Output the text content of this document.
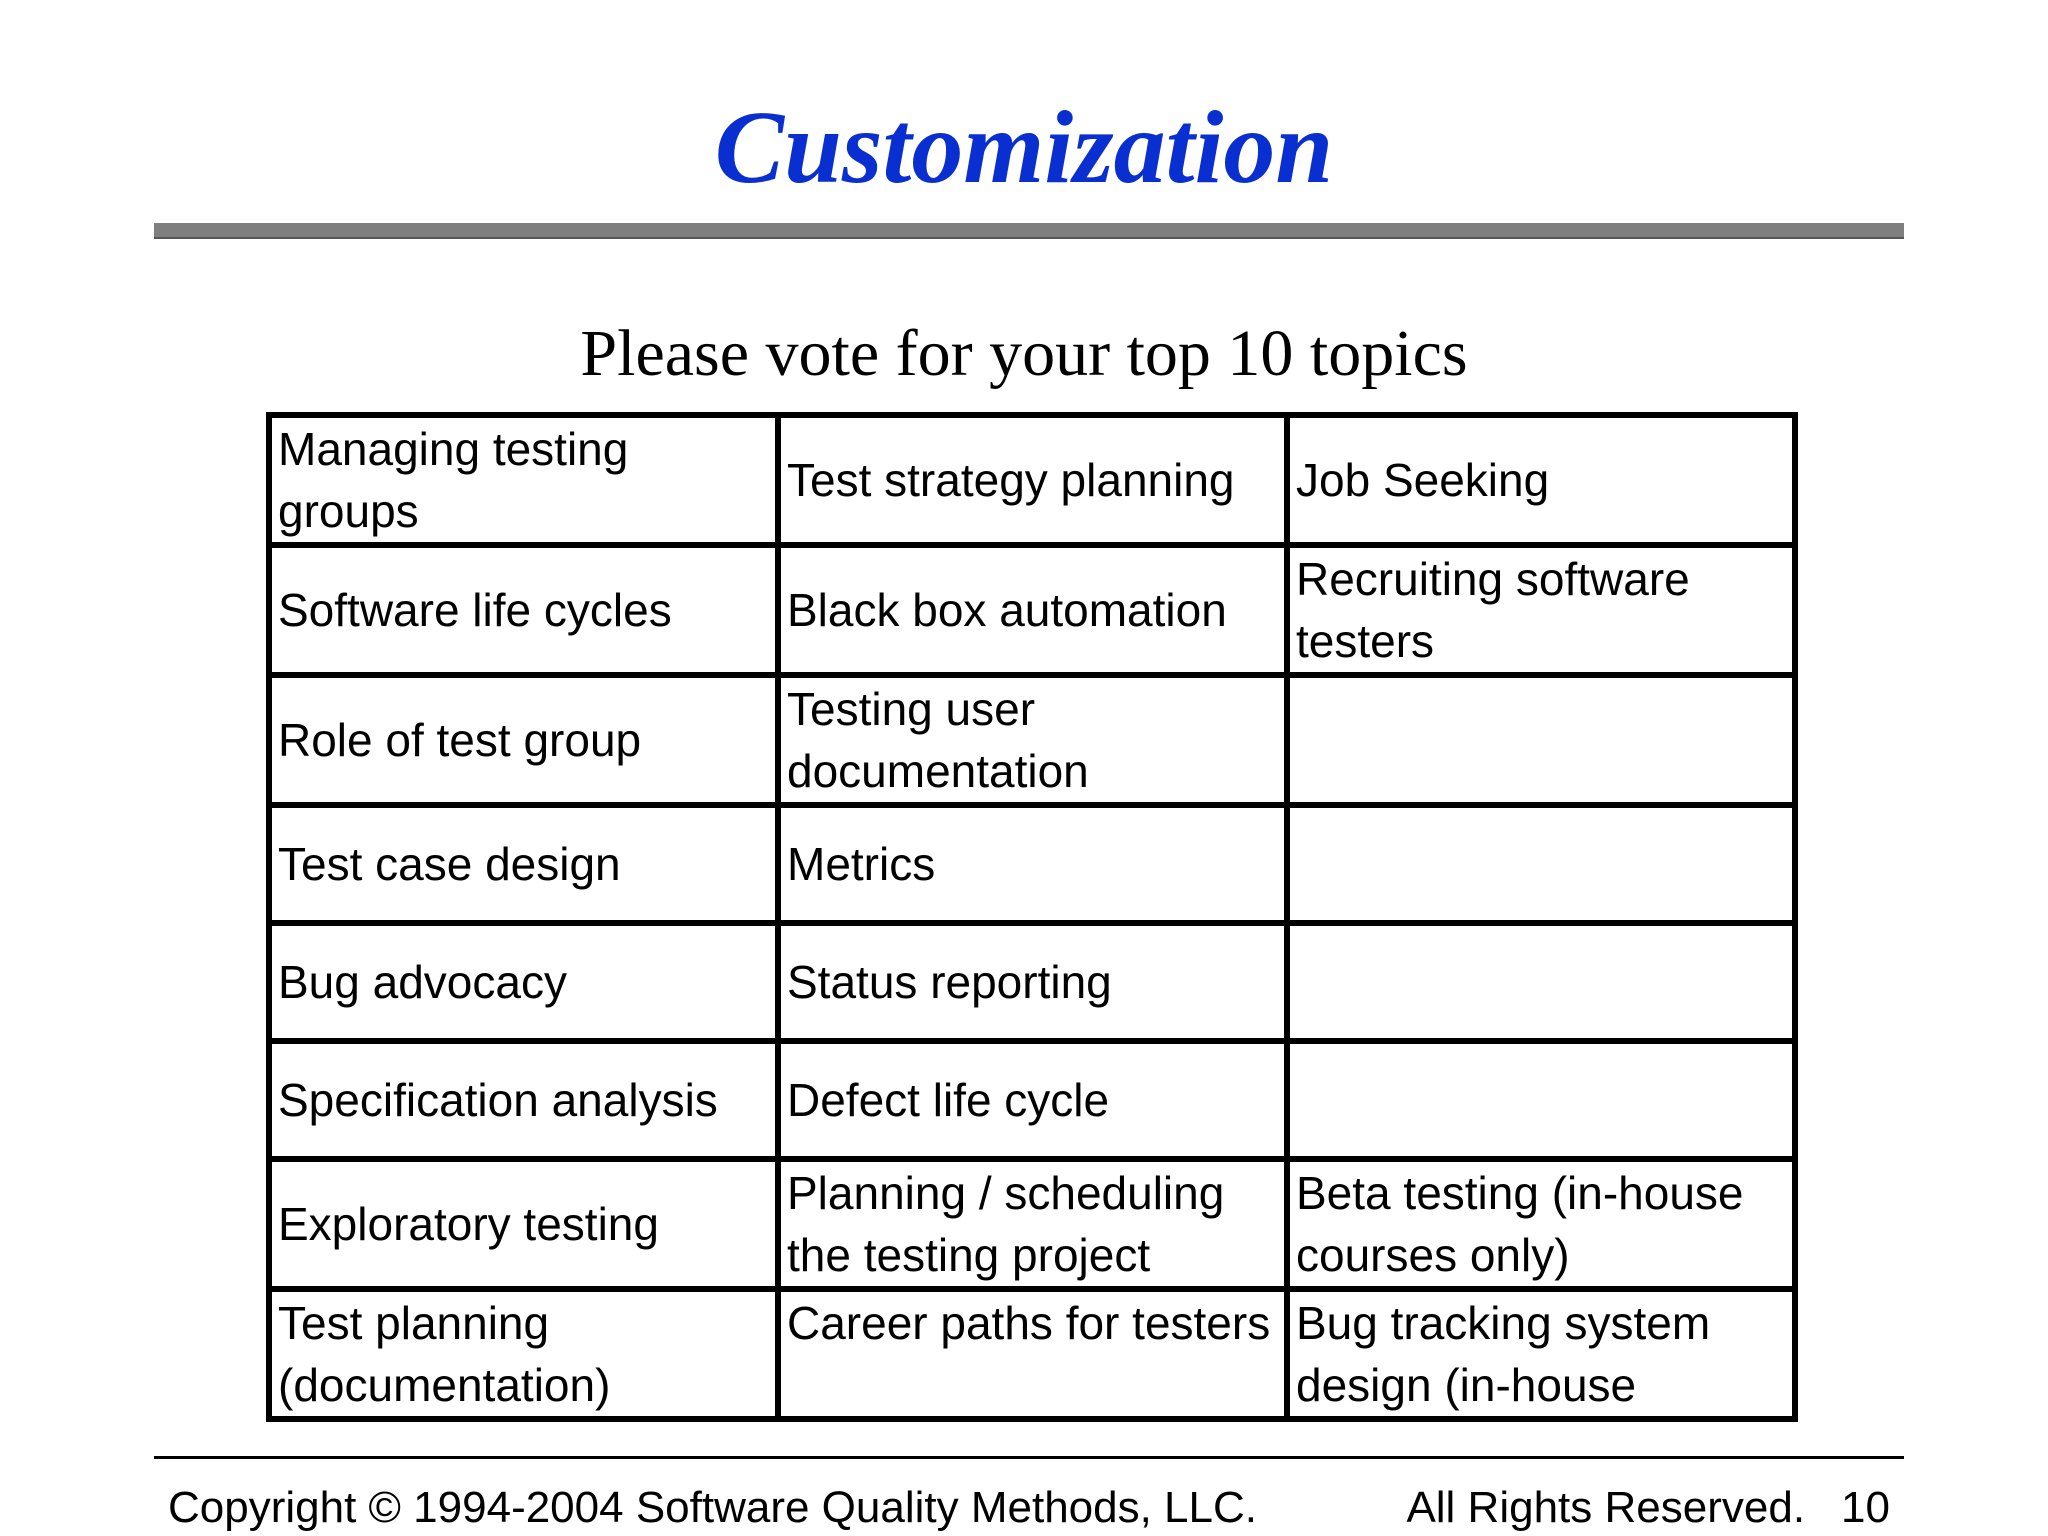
Customization
Please vote for your top 10 topics
Managing testing groups	Test strategy planning	Job Seeking
Software life cycles	Black box automation	Recruiting software testers
Role of test group	Testing user documentation	
Test case design	Metrics	
Bug advocacy	Status reporting	
Specification analysis	Defect life cycle	
Exploratory testing	Planning / scheduling the testing project	Beta testing (in-house courses only)
Test planning (documentation)	Career paths for testers	Bug tracking system design (in-house
Copyright © 1994-2004 Software Quality Methods, LLC.	All Rights Reserved. 10
